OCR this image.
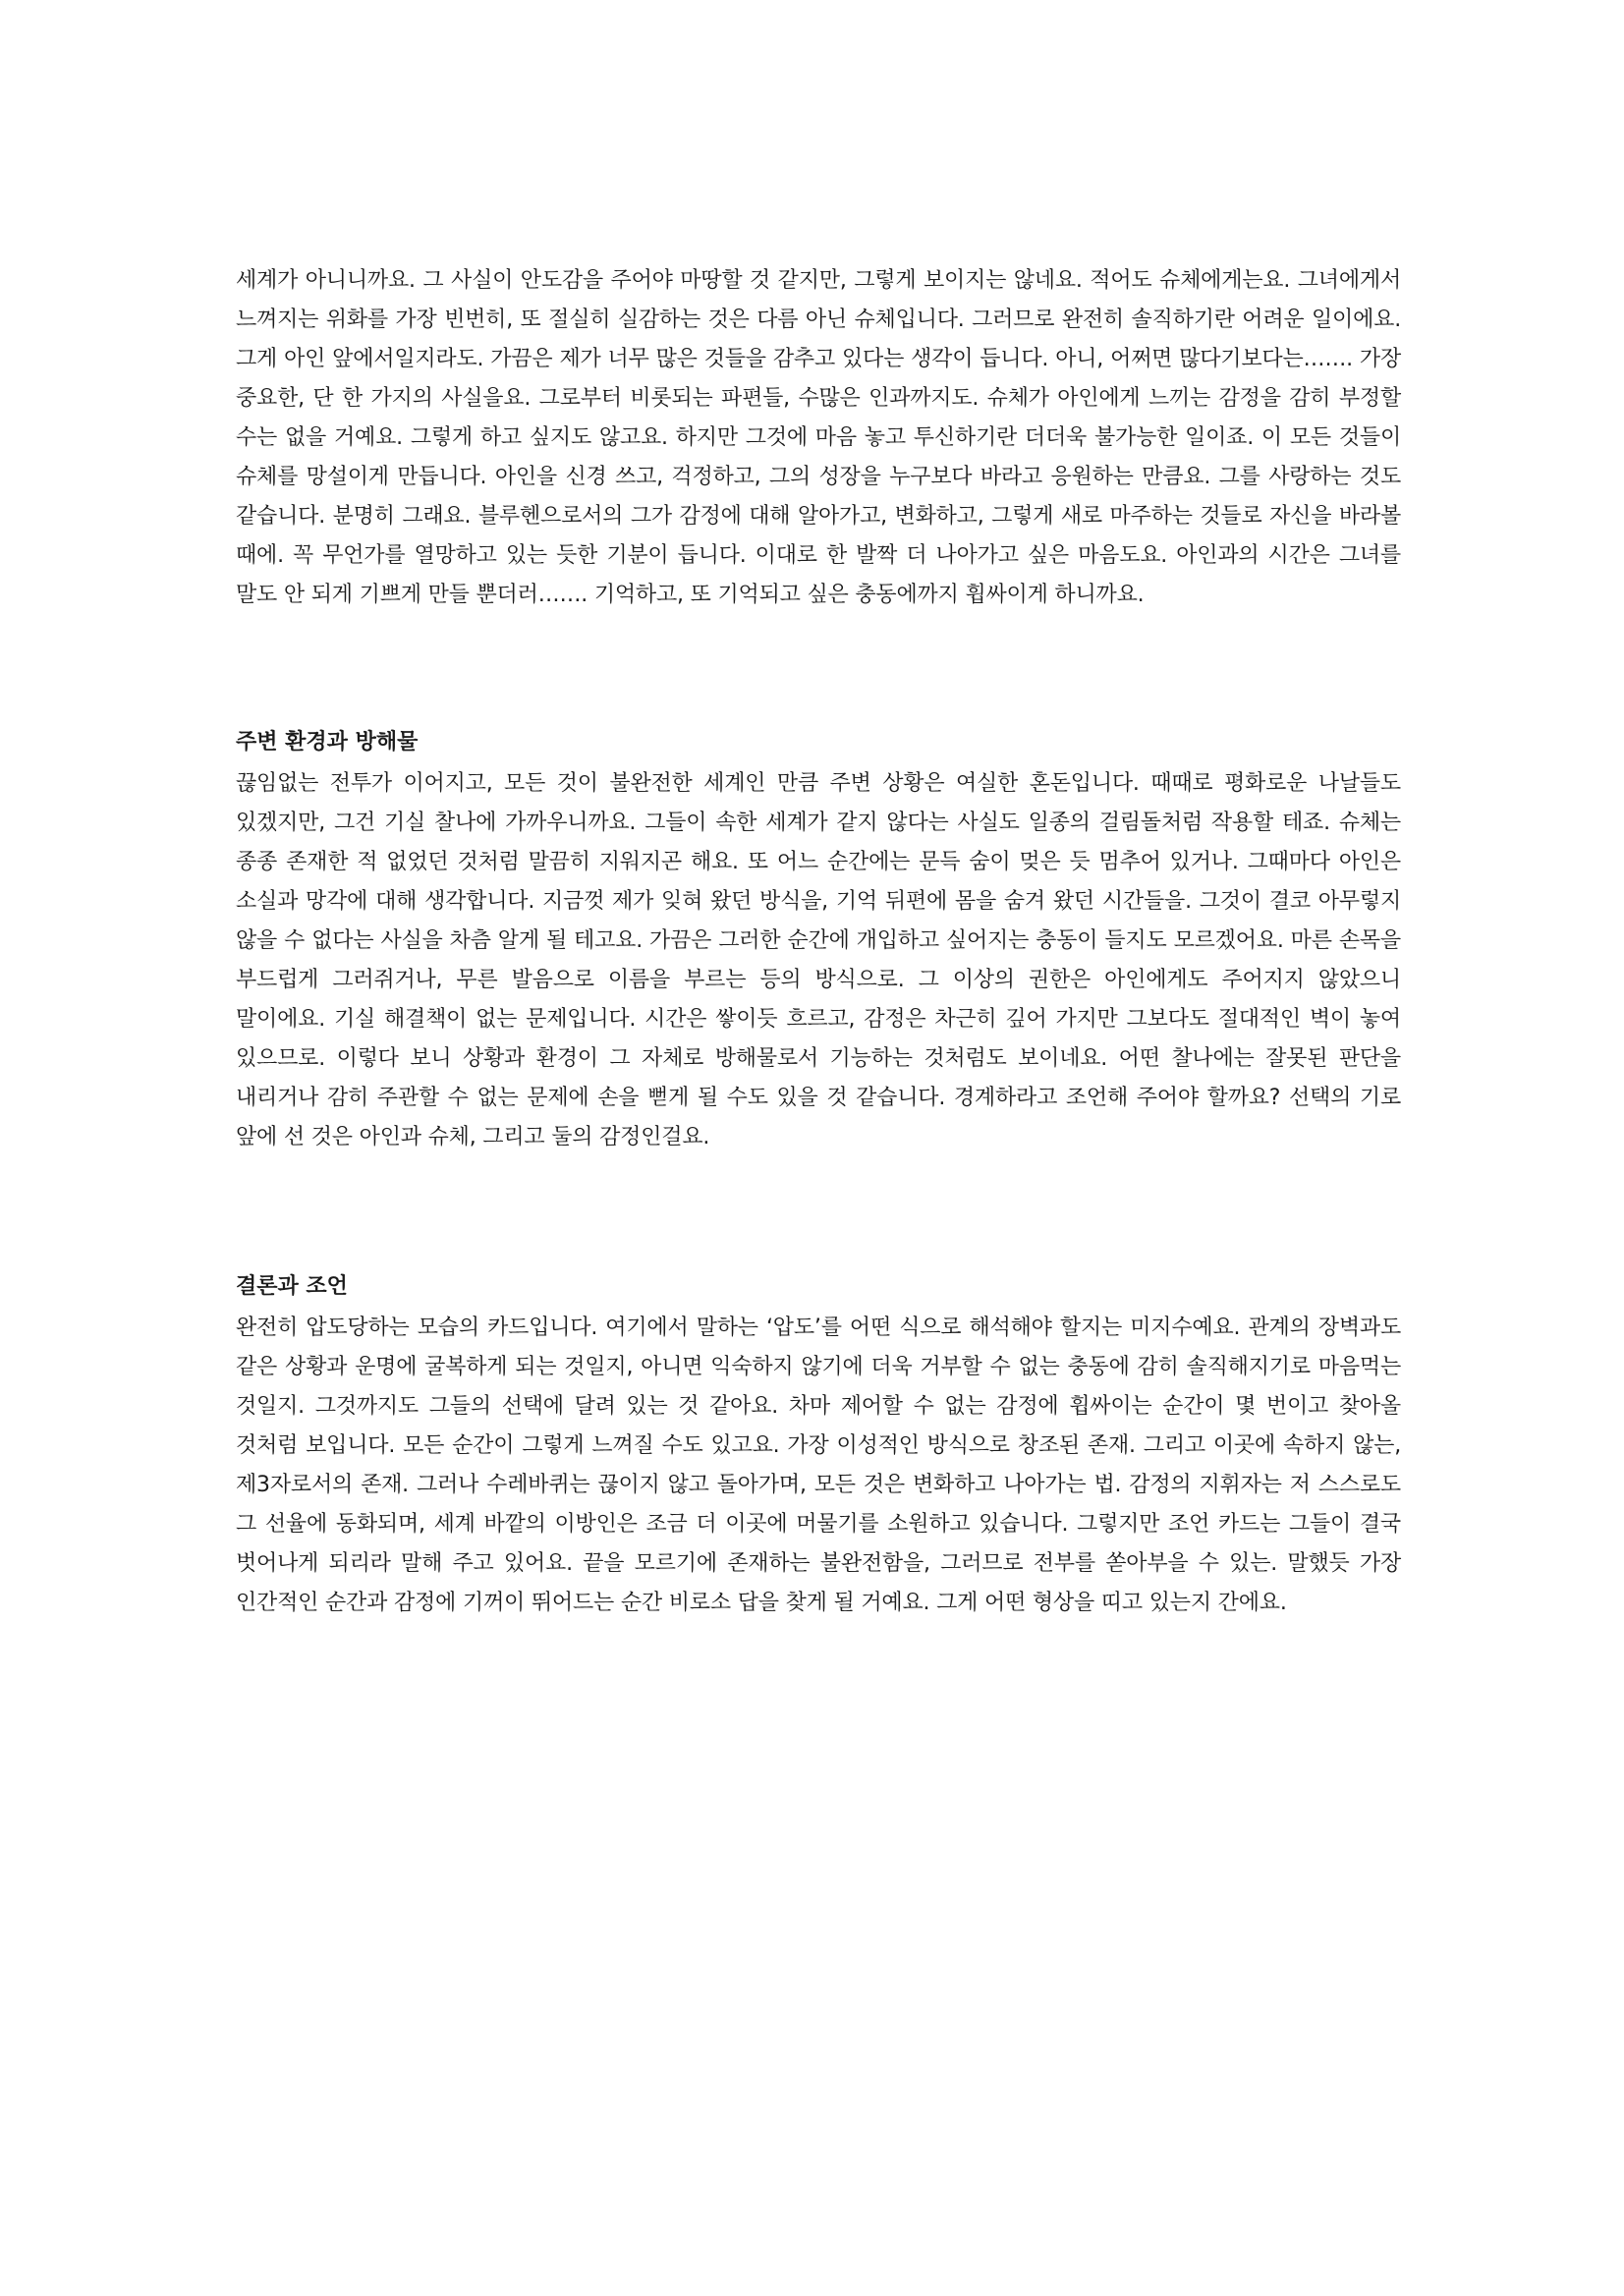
세계가 아니니까요. 그 사실이 안도감을 주어야 마땅할 것 같지만, 그렇게 보이지는 않네요. 적어도 슈체에게는요. 그녀에게서 느껴지는 위화를 가장 빈번히, 또 절실히 실감하는 것은 다름 아닌 슈체입니다. 그러므로 완전히 솔직하기란 어려운 일이에요. 그게 아인 앞에서일지라도. 가끔은 제가 너무 많은 것들을 감추고 있다는 생각이 듭니다. 아니, 어쩌면 많다기보다는……. 가장 중요한, 단 한 가지의 사실을요. 그로부터 비롯되는 파편들, 수많은 인과까지도. 슈체가 아인에게 느끼는 감정을 감히 부정할 수는 없을 거예요. 그렇게 하고 싶지도 않고요. 하지만 그것에 마음 놓고 투신하기란 더더욱 불가능한 일이죠. 이 모든 것들이 슈체를 망설이게 만듭니다. 아인을 신경 쓰고, 걱정하고, 그의 성장을 누구보다 바라고 응원하는 만큼요. 그를 사랑하는 것도 같습니다. 분명히 그래요. 블루헨으로서의 그가 감정에 대해 알아가고, 변화하고, 그렇게 새로 마주하는 것들로 자신을 바라볼 때에. 꼭 무언가를 열망하고 있는 듯한 기분이 듭니다. 이대로 한 발짝 더 나아가고 싶은 마음도요. 아인과의 시간은 그녀를 말도 안 되게 기쁘게 만들 뿐더러……. 기억하고, 또 기억되고 싶은 충동에까지 휩싸이게 하니까요.

주변 환경과 방해물

끊임없는 전투가 이어지고, 모든 것이 불완전한 세계인 만큼 주변 상황은 여실한 혼돈입니다. 때때로 평화로운 나날들도 있겠지만, 그건 기실 찰나에 가까우니까요. 그들이 속한 세계가 같지 않다는 사실도 일종의 걸림돌처럼 작용할 테죠. 슈체는 종종 존재한 적 없었던 것처럼 말끔히 지워지곤 해요. 또 어느 순간에는 문득 숨이 멎은 듯 멈추어 있거나. 그때마다 아인은 소실과 망각에 대해 생각합니다. 지금껏 제가 잊혀 왔던 방식을, 기억 뒤편에 몸을 숨겨 왔던 시간들을. 그것이 결코 아무렇지 않을 수 없다는 사실을 차츰 알게 될 테고요. 가끔은 그러한 순간에 개입하고 싶어지는 충동이 들지도 모르겠어요. 마른 손목을 부드럽게 그러쥐거나, 무른 발음으로 이름을 부르는 등의 방식으로. 그 이상의 권한은 아인에게도 주어지지 않았으니 말이에요. 기실 해결책이 없는 문제입니다. 시간은 쌓이듯 흐르고, 감정은 차근히 깊어 가지만 그보다도 절대적인 벽이 놓여 있으므로. 이렇다 보니 상황과 환경이 그 자체로 방해물로서 기능하는 것처럼도 보이네요. 어떤 찰나에는 잘못된 판단을 내리거나 감히 주관할 수 없는 문제에 손을 뻗게 될 수도 있을 것 같습니다. 경계하라고 조언해 주어야 할까요? 선택의 기로 앞에 선 것은 아인과 슈체, 그리고 둘의 감정인걸요.

결론과 조언

완전히 압도당하는 모습의 카드입니다. 여기에서 말하는 ‘압도’를 어떤 식으로 해석해야 할지는 미지수예요. 관계의 장벽과도 같은 상황과 운명에 굴복하게 되는 것일지, 아니면 익숙하지 않기에 더욱 거부할 수 없는 충동에 감히 솔직해지기로 마음먹는 것일지. 그것까지도 그들의 선택에 달려 있는 것 같아요. 차마 제어할 수 없는 감정에 휩싸이는 순간이 몇 번이고 찾아올 것처럼 보입니다. 모든 순간이 그렇게 느껴질 수도 있고요. 가장 이성적인 방식으로 창조된 존재. 그리고 이곳에 속하지 않는, 제3자로서의 존재. 그러나 수레바퀴는 끊이지 않고 돌아가며, 모든 것은 변화하고 나아가는 법. 감정의 지휘자는 저 스스로도 그 선율에 동화되며, 세계 바깥의 이방인은 조금 더 이곳에 머물기를 소원하고 있습니다. 그렇지만 조언 카드는 그들이 결국 벗어나게 되리라 말해 주고 있어요. 끝을 모르기에 존재하는 불완전함을, 그러므로 전부를 쏟아부을 수 있는. 말했듯 가장 인간적인 순간과 감정에 기꺼이 뛰어드는 순간 비로소 답을 찾게 될 거예요. 그게 어떤 형상을 띠고 있는지 간에요.
